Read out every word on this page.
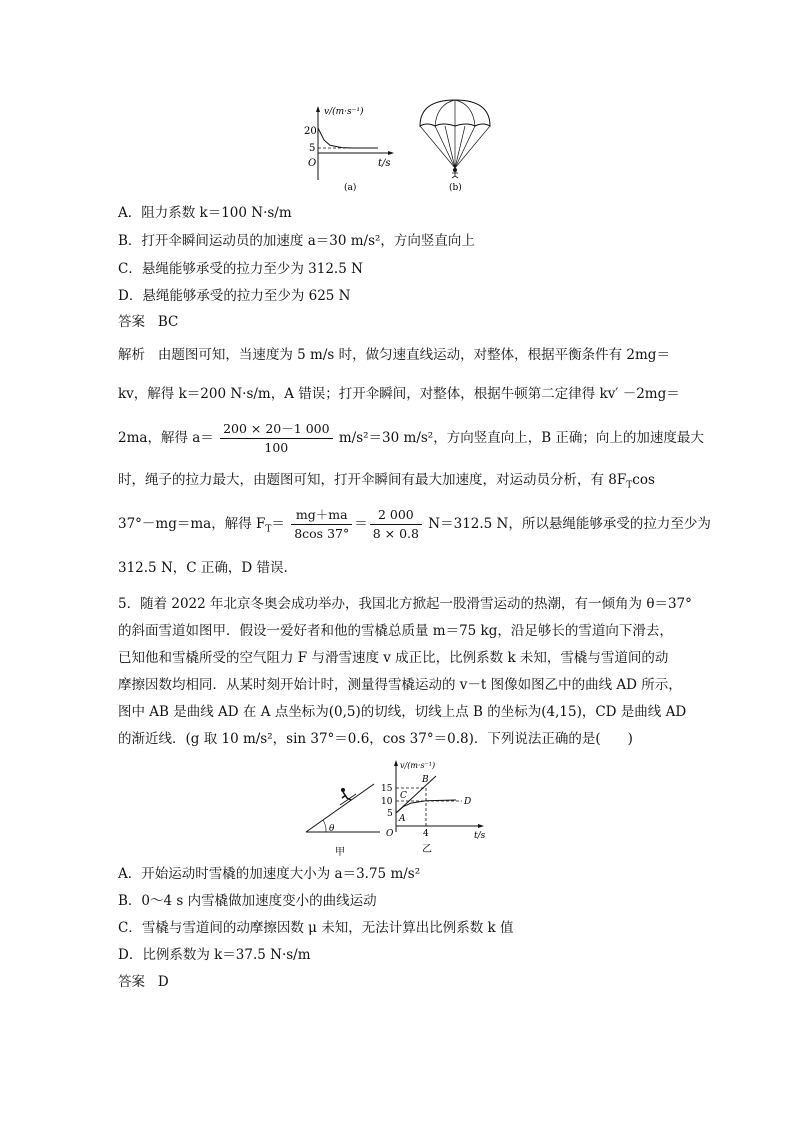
v/(m·s⁻¹)
20
5
O	t/s
(a)	(b)
A．阻力系数 k＝100 N·s/m
B．打开伞瞬间运动员的加速度 a＝30 m/s²，方向竖直向上
C．悬绳能够承受的拉力至少为 312.5 N
D．悬绳能够承受的拉力至少为 625 N
答案 BC
解析 由题图可知，当速度为 5 m/s 时，做匀速直线运动，对整体，根据平衡条件有 2mg＝
kv，解得 k＝200 N·s/m，A 错误；打开伞瞬间，对整体，根据牛顿第二定律得 kv′ －2mg＝
2ma，解得 $a= \frac{200 \times 20-1 000}{100} m/s^2=30$ m/s²，方向竖直向上，B 正确；向上的加速度最大
时，绳子的拉力最大，由题图可知，打开伞瞬间有最大加速度，对运动员分析，有 $8F_T\cos$
37°－mg＝ma，解得 $F_T= \frac{mg+ma}{8\cos 37^\circ} = \frac{2 000}{8 \times 0.8} N=312.5$ N，所以悬绳能够承受的拉力至少为
312.5 N，C 正确，D 错误.
5．随着 2022 年北京冬奥会成功举办，我国北方掀起一股滑雪运动的热潮，有一倾角为 θ＝37°
的斜面雪道如图甲．假设一爱好者和他的雪橇总质量 m＝75 kg，沿足够长的雪道向下滑去，
已知他和雪橇所受的空气阻力 F 与滑雪速度 v 成正比，比例系数 k 未知，雪橇与雪道间的动
摩擦因数均相同．从某时刻开始计时，测量得雪橇运动的 v－t 图像如图乙中的曲线 AD 所示，
图中 AB 是曲线 AD 在 A 点坐标为(0,5)的切线，切线上点 B 的坐标为(4,15)，CD 是曲线 AD
的渐近线．(g 取 10 m/s²，sin 37°＝0.6，cos 37°＝0.8)．下列说法正确的是(　　)
θ
甲
v/(m·s⁻¹)
15
10
5
B
C
D
A
O	4	t/s
乙
A．开始运动时雪橇的加速度大小为 a＝3.75 m/s²
B．0～4 s 内雪橇做加速度变小的曲线运动
C．雪橇与雪道间的动摩擦因数 μ 未知，无法计算出比例系数 k 值
D．比例系数为 k＝37.5 N·s/m
答案 D
